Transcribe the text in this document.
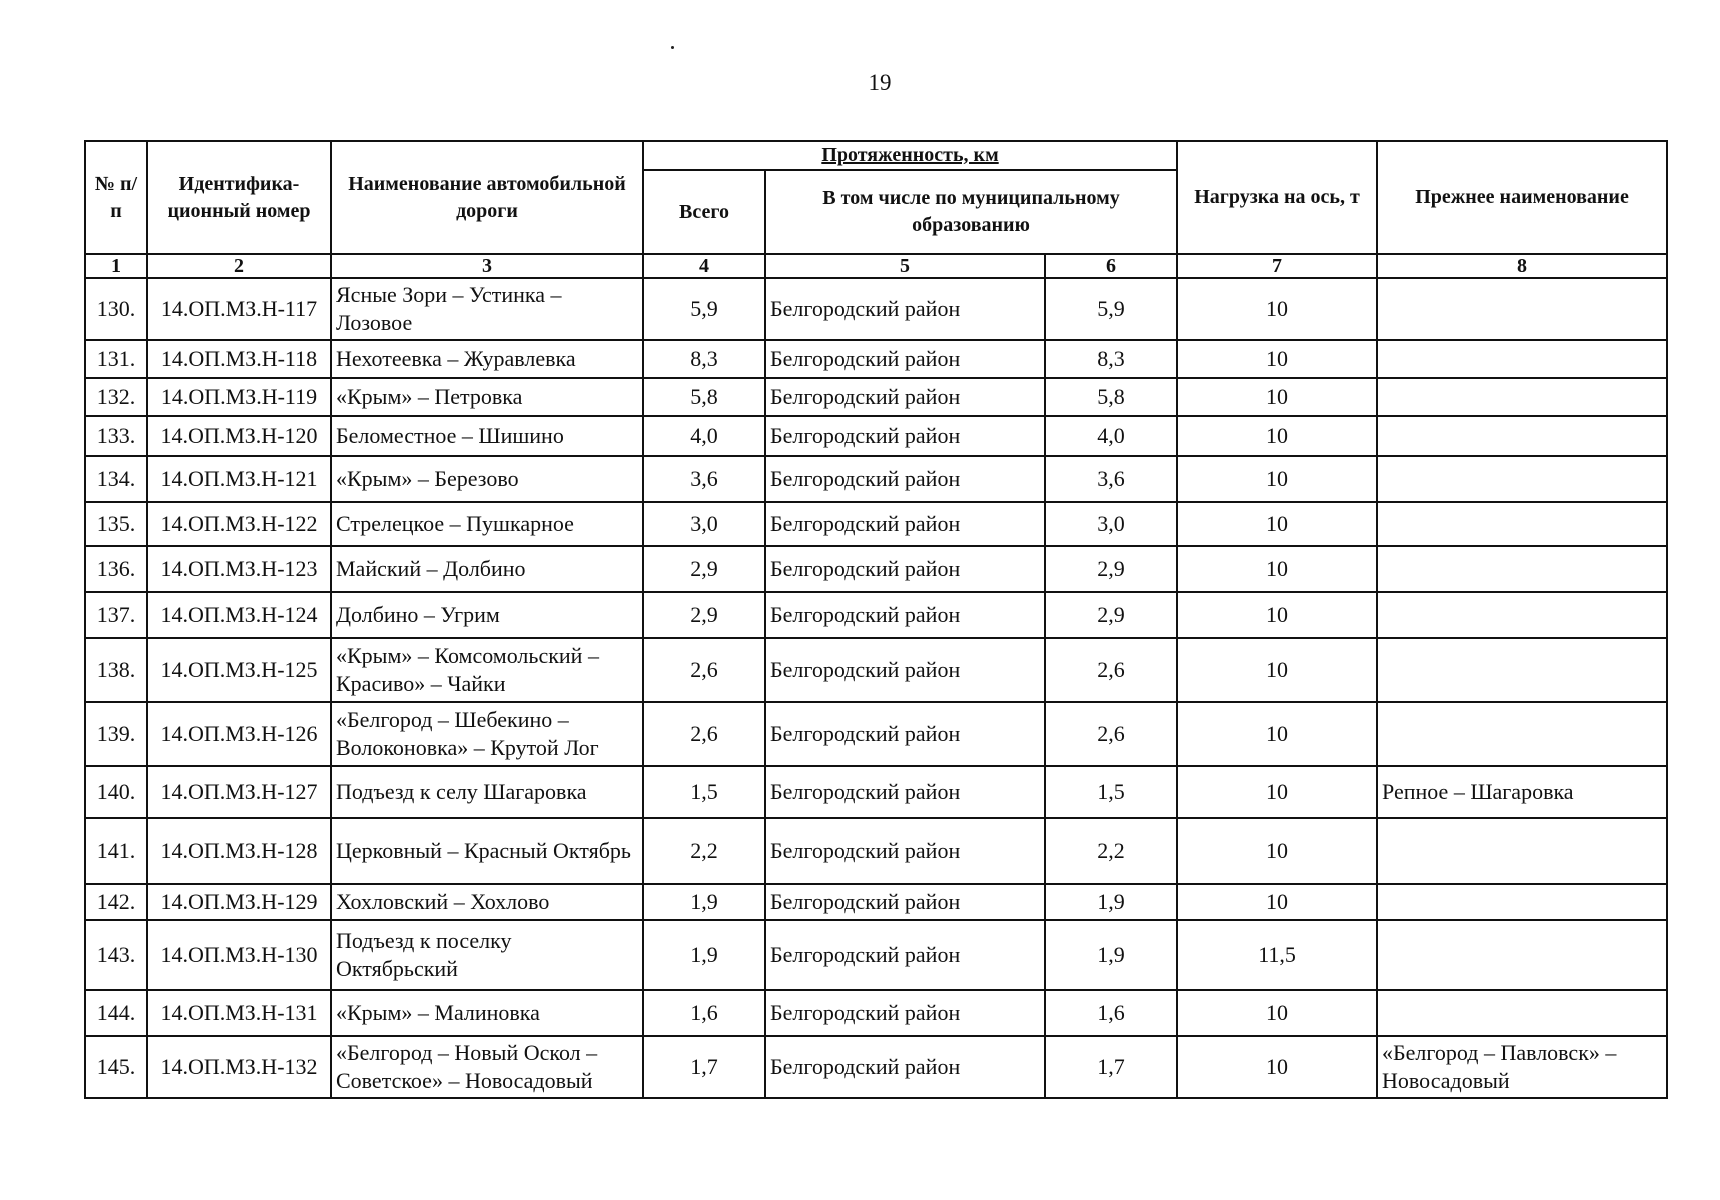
19
№ п/п	Идентифика-ционный номер	Наименование автомобильной дороги	Протяженность, км			Нагрузка на ось, т	Прежнее наименование
			Всего	В том числе по муниципальному образованию			
1	2	3	4	5	6	7	8
130.	14.ОП.МЗ.Н-117	Ясные Зори – Устинка – Лозовое	5,9	Белгородский район	5,9	10	
131.	14.ОП.МЗ.Н-118	Нехотеевка – Журавлевка	8,3	Белгородский район	8,3	10	
132.	14.ОП.МЗ.Н-119	«Крым» – Петровка	5,8	Белгородский район	5,8	10	
133.	14.ОП.МЗ.Н-120	Беломестное – Шишино	4,0	Белгородский район	4,0	10	
134.	14.ОП.МЗ.Н-121	«Крым» – Березово	3,6	Белгородский район	3,6	10	
135.	14.ОП.МЗ.Н-122	Стрелецкое – Пушкарное	3,0	Белгородский район	3,0	10	
136.	14.ОП.МЗ.Н-123	Майский – Долбино	2,9	Белгородский район	2,9	10	
137.	14.ОП.МЗ.Н-124	Долбино – Угрим	2,9	Белгородский район	2,9	10	
138.	14.ОП.МЗ.Н-125	«Крым» – Комсомольский – Красиво» – Чайки	2,6	Белгородский район	2,6	10	
139.	14.ОП.МЗ.Н-126	«Белгород – Шебекино – Волоконовка» – Крутой Лог	2,6	Белгородский район	2,6	10	
140.	14.ОП.МЗ.Н-127	Подъезд к селу Шагаровка	1,5	Белгородский район	1,5	10	Репное – Шагаровка
141.	14.ОП.МЗ.Н-128	Церковный – Красный Октябрь	2,2	Белгородский район	2,2	10	
142.	14.ОП.МЗ.Н-129	Хохловский – Хохлово	1,9	Белгородский район	1,9	10	
143.	14.ОП.МЗ.Н-130	Подъезд к поселку Октябрьский	1,9	Белгородский район	1,9	11,5	
144.	14.ОП.МЗ.Н-131	«Крым» – Малиновка	1,6	Белгородский район	1,6	10	
145.	14.ОП.МЗ.Н-132	«Белгород – Новый Оскол – Советское» – Новосадовый	1,7	Белгородский район	1,7	10	«Белгород – Павловск» – Новосадовый
